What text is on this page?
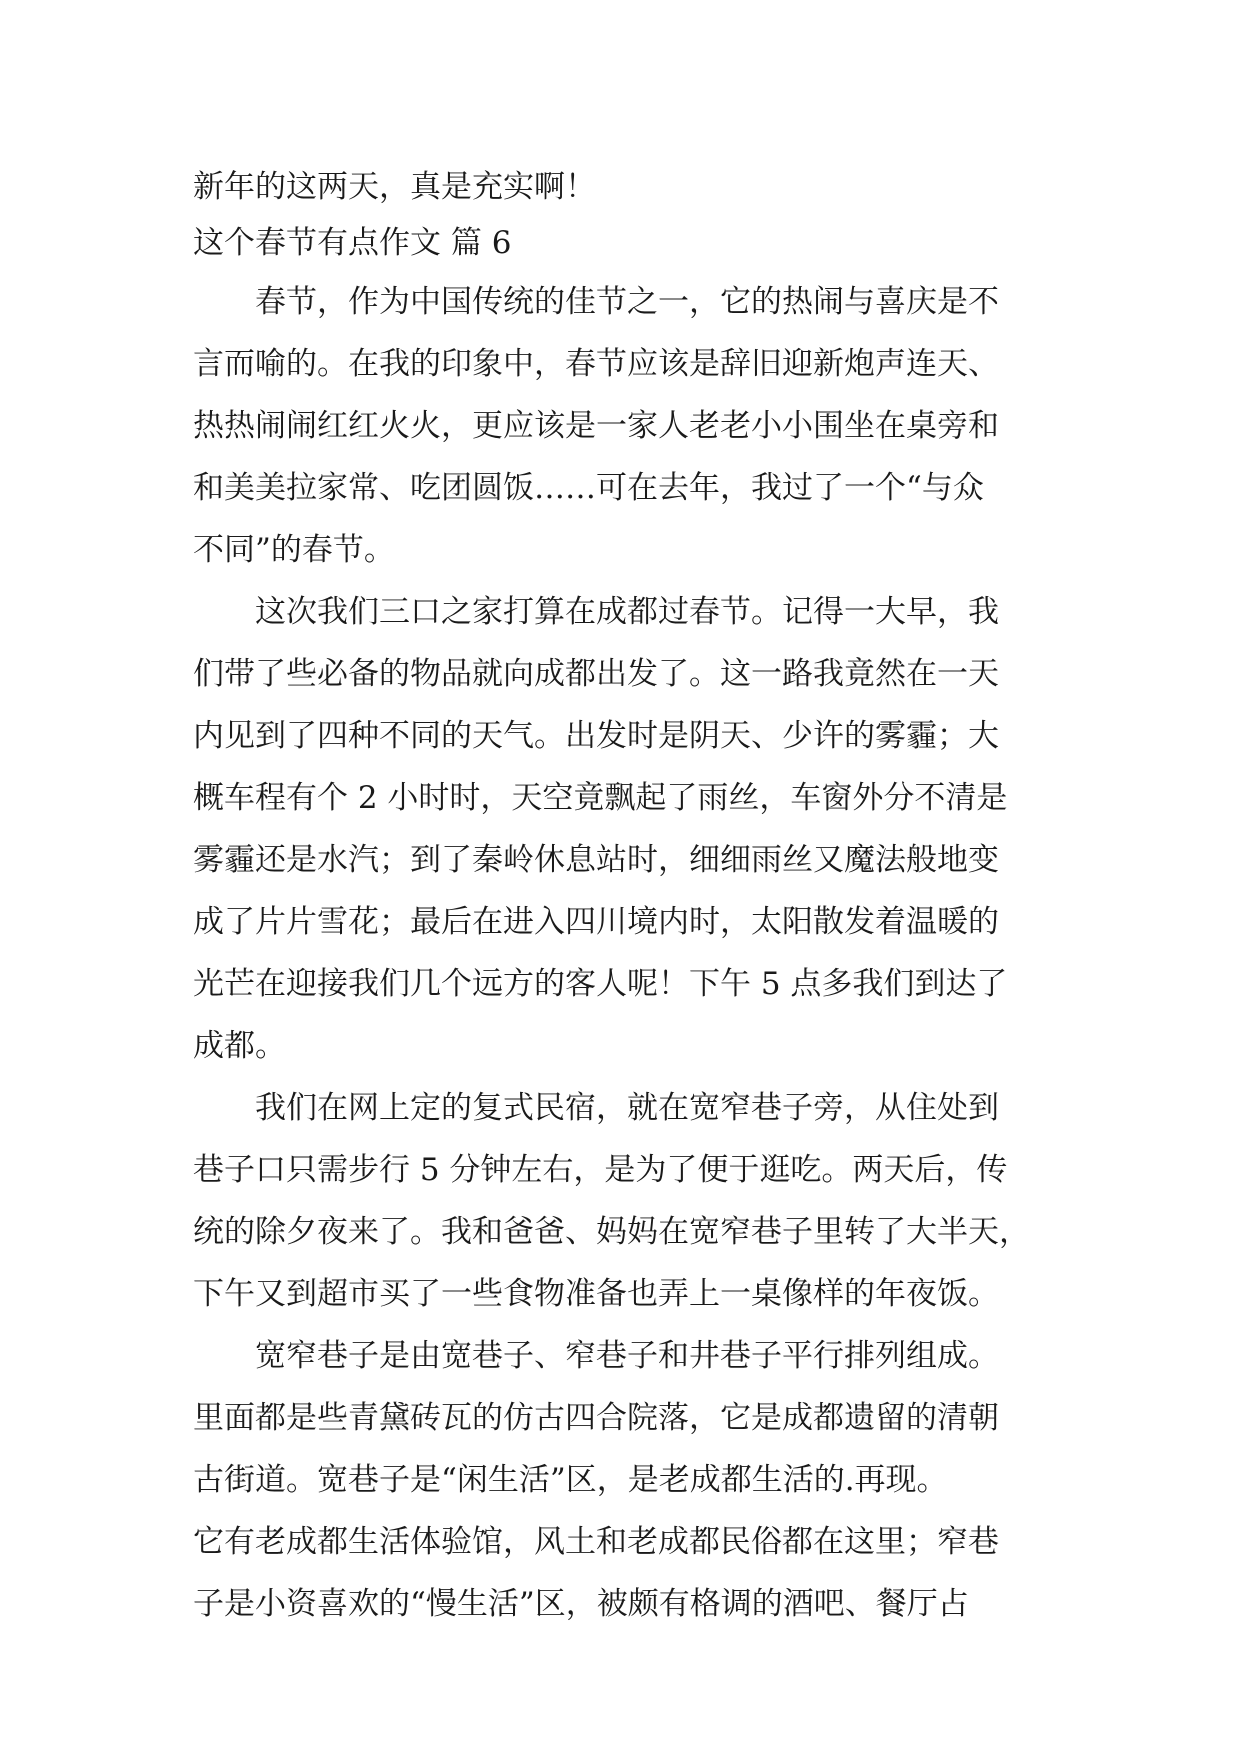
新年的这两天，真是充实啊！
这个春节有点作文 篇 6
　　春节，作为中国传统的佳节之一，它的热闹与喜庆是不
言而喻的。在我的印象中，春节应该是辞旧迎新炮声连天、
热热闹闹红红火火，更应该是一家人老老小小围坐在桌旁和
和美美拉家常、吃团圆饭……可在去年，我过了一个“与众
不同”的春节。
　　这次我们三口之家打算在成都过春节。记得一大早，我
们带了些必备的物品就向成都出发了。这一路我竟然在一天
内见到了四种不同的天气。出发时是阴天、少许的雾霾；大
概车程有个 2 小时时，天空竟飘起了雨丝，车窗外分不清是
雾霾还是水汽；到了秦岭休息站时，细细雨丝又魔法般地变
成了片片雪花；最后在进入四川境内时，太阳散发着温暖的
光芒在迎接我们几个远方的客人呢！下午 5 点多我们到达了
成都。
　　我们在网上定的复式民宿，就在宽窄巷子旁，从住处到
巷子口只需步行 5 分钟左右，是为了便于逛吃。两天后，传
统的除夕夜来了。我和爸爸、妈妈在宽窄巷子里转了大半天，
下午又到超市买了一些食物准备也弄上一桌像样的年夜饭。
　　宽窄巷子是由宽巷子、窄巷子和井巷子平行排列组成。
里面都是些青黛砖瓦的仿古四合院落，它是成都遗留的清朝
古街道。宽巷子是“闲生活”区，是老成都生活的.再现。
它有老成都生活体验馆，风土和老成都民俗都在这里；窄巷
子是小资喜欢的“慢生活”区，被颇有格调的酒吧、餐厅占
